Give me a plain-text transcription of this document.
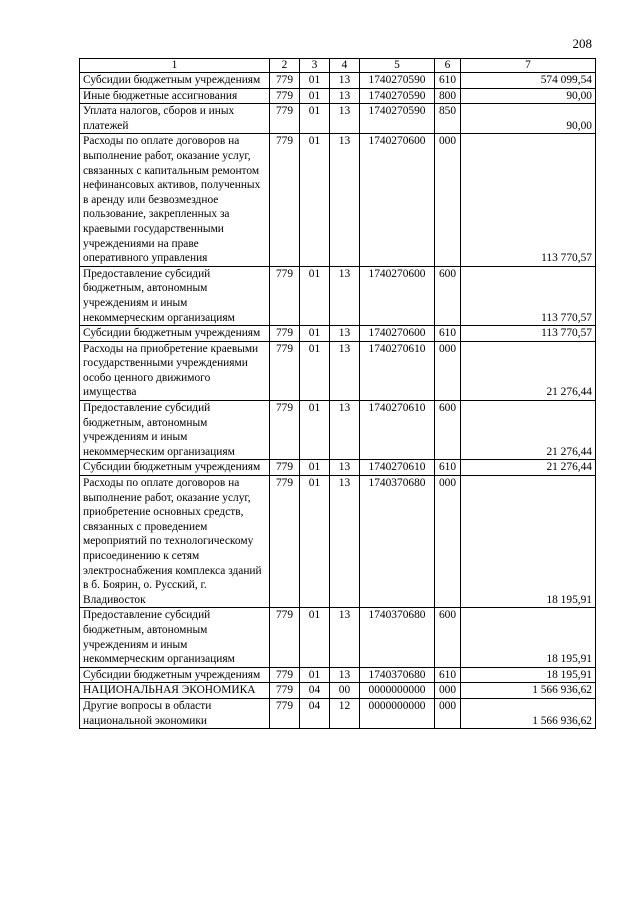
208
1	2	3	4	5	6	7
Субсидии бюджетным учреждениям	779	01	13	1740270590	610	574 099,54
Иные бюджетные ассигнования	779	01	13	1740270590	800	90,00
Уплата налогов, сборов и иных платежей	779	01	13	1740270590	850	90,00
Расходы по оплате договоров на выполнение работ, оказание услуг, связанных с капитальным ремонтом нефинансовых активов, полученных в аренду или безвозмездное пользование, закрепленных за краевыми государственными учреждениями на праве оперативного управления	779	01	13	1740270600	000	113 770,57
Предоставление субсидий бюджетным, автономным учреждениям и иным некоммерческим организациям	779	01	13	1740270600	600	113 770,57
Субсидии бюджетным учреждениям	779	01	13	1740270600	610	113 770,57
Расходы на приобретение краевыми государственными учреждениями особо ценного движимого имущества	779	01	13	1740270610	000	21 276,44
Предоставление субсидий бюджетным, автономным учреждениям и иным некоммерческим организациям	779	01	13	1740270610	600	21 276,44
Субсидии бюджетным учреждениям	779	01	13	1740270610	610	21 276,44
Расходы по оплате договоров на выполнение работ, оказание услуг, приобретение основных средств, связанных с проведением мероприятий по технологическому присоединению к сетям электроснабжения комплекса зданий в б. Боярин, о. Русский, г. Владивосток	779	01	13	1740370680	000	18 195,91
Предоставление субсидий бюджетным, автономным учреждениям и иным некоммерческим организациям	779	01	13	1740370680	600	18 195,91
Субсидии бюджетным учреждениям	779	01	13	1740370680	610	18 195,91
НАЦИОНАЛЬНАЯ ЭКОНОМИКА	779	04	00	0000000000	000	1 566 936,62
Другие вопросы в области национальной экономики	779	04	12	0000000000	000	1 566 936,62
